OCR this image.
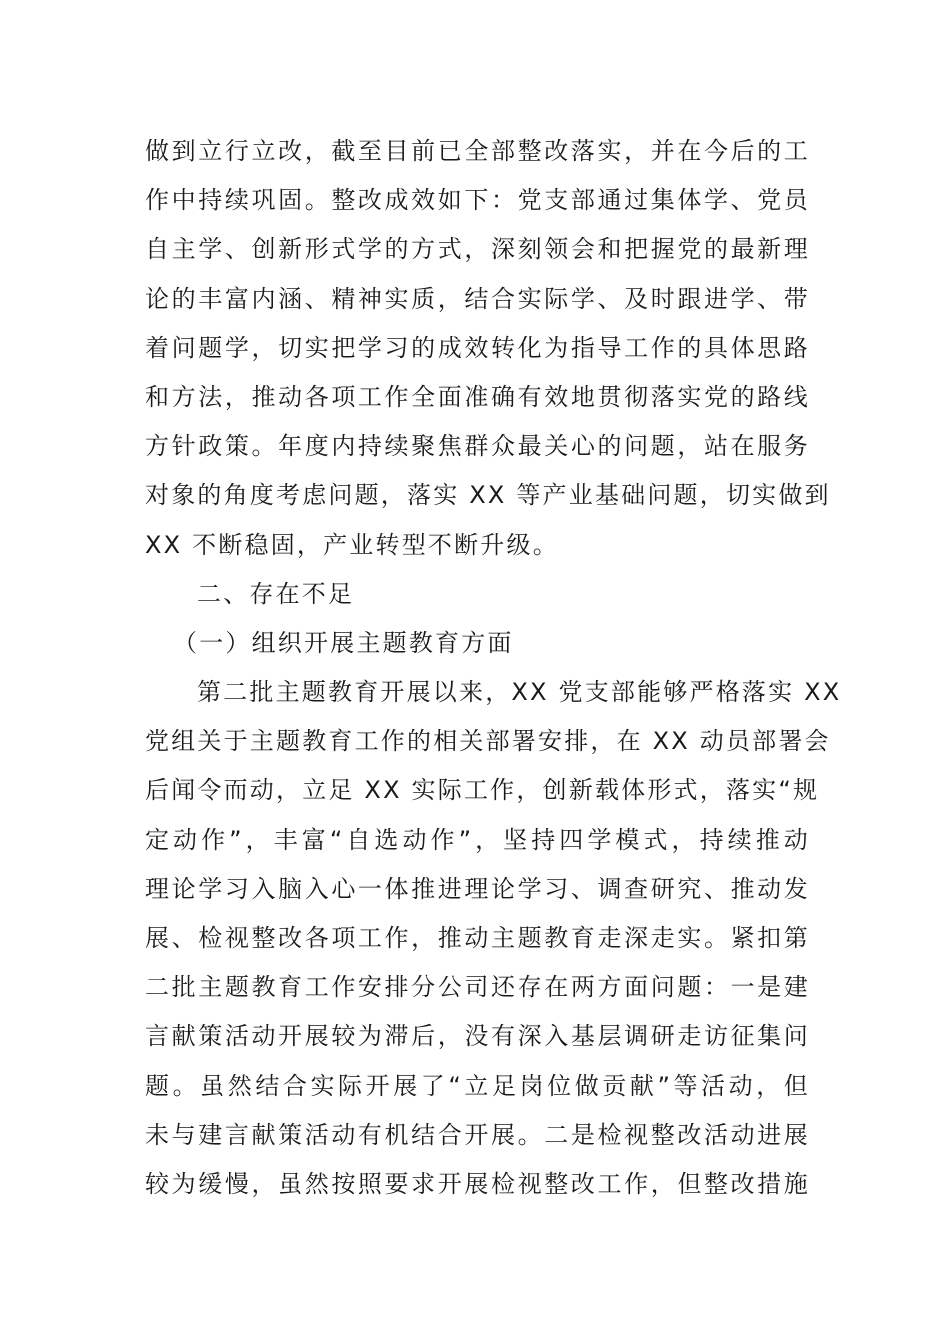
做到立行立改，截至目前已全部整改落实，并在今后的工
作中持续巩固。整改成效如下：党支部通过集体学、党员
自主学、创新形式学的方式，深刻领会和把握党的最新理
论的丰富内涵、精神实质，结合实际学、及时跟进学、带
着问题学，切实把学习的成效转化为指导工作的具体思路
和方法，推动各项工作全面准确有效地贯彻落实党的路线
方针政策。年度内持续聚焦群众最关心的问题，站在服务
对象的角度考虑问题，落实 XX 等产业基础问题，切实做到
XX 不断稳固，产业转型不断升级。
二、存在不足
（一）组织开展主题教育方面
第二批主题教育开展以来，XX 党支部能够严格落实 XX
党组关于主题教育工作的相关部署安排，在 XX 动员部署会
后闻令而动，立足 XX 实际工作，创新载体形式，落实“规
定动作”，丰富“自选动作”，坚持四学模式，持续推动
理论学习入脑入心一体推进理论学习、调查研究、推动发
展、检视整改各项工作，推动主题教育走深走实。紧扣第
二批主题教育工作安排分公司还存在两方面问题：一是建
言献策活动开展较为滞后，没有深入基层调研走访征集问
题。虽然结合实际开展了“立足岗位做贡献”等活动，但
未与建言献策活动有机结合开展。二是检视整改活动进展
较为缓慢，虽然按照要求开展检视整改工作，但整改措施
